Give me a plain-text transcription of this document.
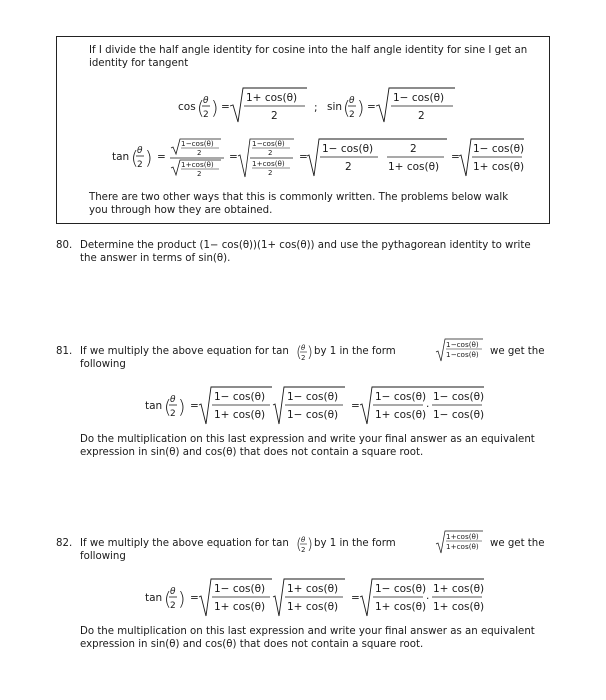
If I divide the half angle identity for cosine into the half angle identity for sine I get an
identity for tangent
cos (
θ
2 ) =
1+ cos(θ)
2
; sin (
θ
2 ) =
1− cos(θ)
2
tan (
θ
2 ) =
1−cos(θ)
2
1+cos(θ)
2
=
1−cos(θ)
2
1+cos(θ)
2
=
1− cos(θ)
2
2
1+ cos(θ)
=
1− cos(θ)
1+ cos(θ)
There are two other ways that this is commonly written. The problems below walk
you through how they are obtained.
80. Determine the product (1− cos(θ))(1+ cos(θ)) and use the pythagorean identity to write
the answer in terms of sin(θ).
81. If we multiply the above equation for tan ( θ
2 )	1−cos(θ)
1−cos(θ)
by 1 in the form	we get the
following
tan (
θ
2 ) =
1− cos(θ)
1+ cos(θ)
1− cos(θ)
1− cos(θ)
=
1− cos(θ)
1+ cos(θ)
·
1− cos(θ)
1− cos(θ)
Do the multiplication on this last expression and write your final answer as an equivalent
expression in sin(θ) and cos(θ) that does not contain a square root.
82. If we multiply the above equation for tan ( θ
2 )	1+cos(θ)
1+cos(θ)
by 1 in the form	we get the
following
tan (
θ
2 ) =
1− cos(θ)
1+ cos(θ)
1+ cos(θ)
1+ cos(θ)
=
1− cos(θ)
1+ cos(θ)
·
1+ cos(θ)
1+ cos(θ)
Do the multiplication on this last expression and write your final answer as an equivalent
expression in sin(θ) and cos(θ) that does not contain a square root.
